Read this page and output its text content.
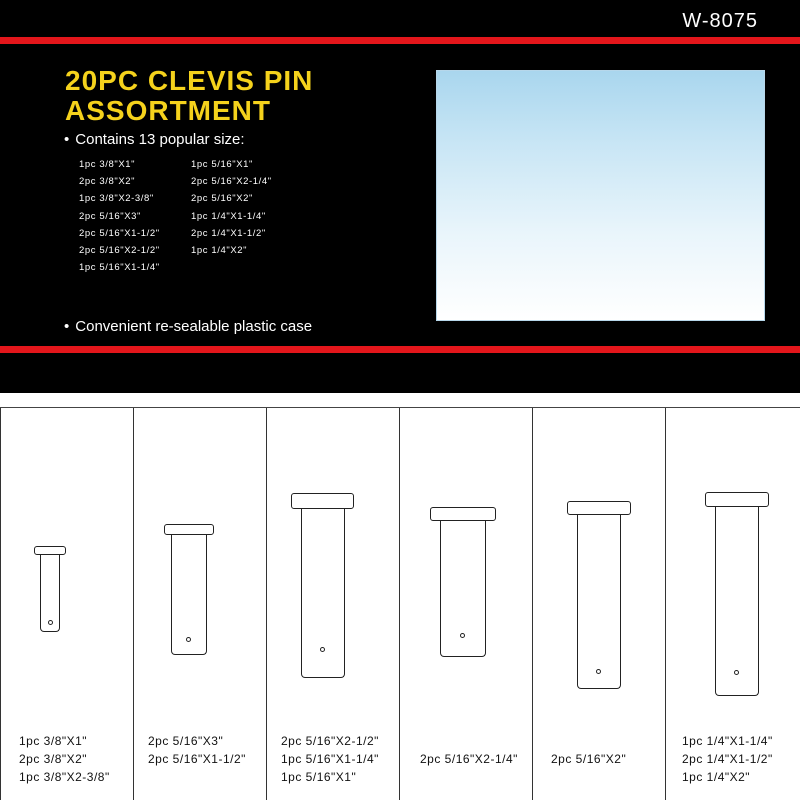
W-8075
20PC CLEVIS PIN
ASSORTMENT
• Contains 13 popular size:
1pc 3/8"X1"
2pc 3/8"X2"
1pc 3/8"X2-3/8"
2pc 5/16"X3"
2pc 5/16"X1-1/2"
2pc 5/16"X2-1/2"
1pc 5/16"X1-1/4"
1pc 5/16"X1"
2pc 5/16"X2-1/4"
2pc 5/16"X2"
1pc 1/4"X1-1/4"
2pc 1/4"X1-1/2"
1pc 1/4"X2"
• Convenient re-sealable plastic case
1pc 3/8"X1"
2pc 3/8"X2"
1pc 3/8"X2-3/8"
2pc 5/16"X3"
2pc 5/16"X1-1/2"
2pc 5/16"X2-1/2"
1pc 5/16"X1-1/4"
1pc 5/16"X1"
2pc 5/16"X2-1/4"	2pc 5/16"X2"
1pc 1/4"X1-1/4"
2pc 1/4"X1-1/2"
1pc 1/4"X2"
